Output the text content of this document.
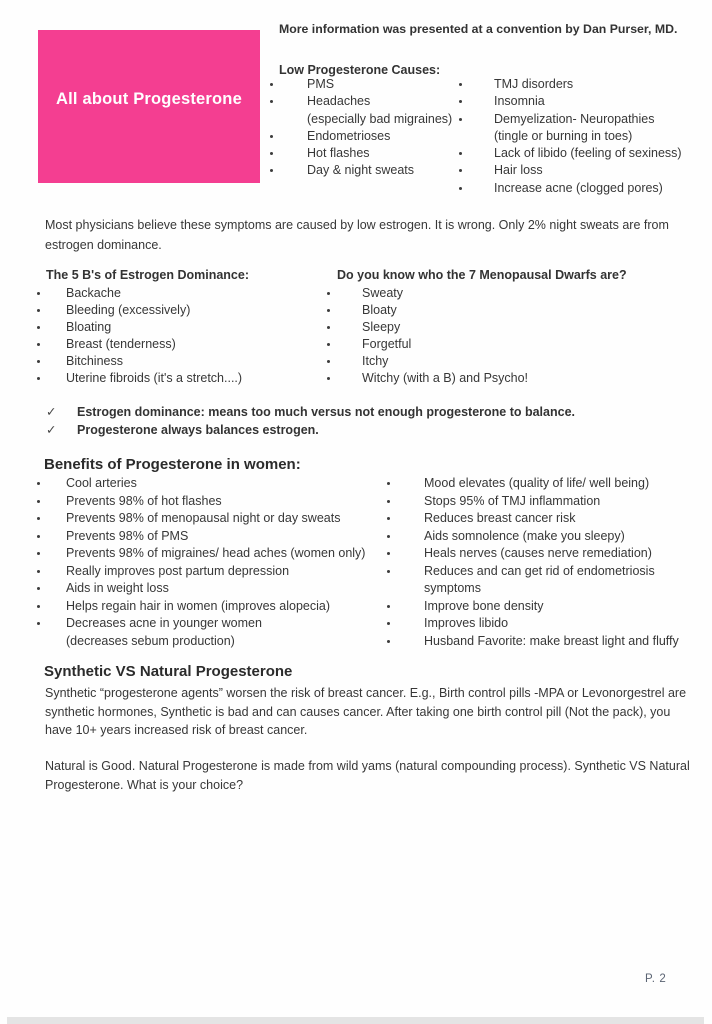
All about Progesterone
More information was presented at a convention by Dan Purser, MD.
Low Progesterone Causes:
PMS
Headaches
(especially bad migraines)
Endometrioses
Hot flashes
Day & night sweats
TMJ disorders
Insomnia
Demyelization- Neuropathies
(tingle or burning in toes)
Lack of libido (feeling of sexiness)
Hair loss
Increase acne (clogged pores)
Most physicians believe these symptoms are caused by low estrogen. It is wrong. Only 2% night sweats are from estrogen dominance.
The 5 B's of Estrogen Dominance:	Do you know who the 7 Menopausal Dwarfs are?
Backache
Bleeding (excessively)
Bloating
Breast (tenderness)
Bitchiness
Uterine fibroids (it's a stretch....)
Sweaty
Bloaty
Sleepy
Forgetful
Itchy
Witchy (with a B) and Psycho!
✓ Estrogen dominance: means too much versus not enough progesterone to balance.
✓ Progesterone always balances estrogen.
Benefits of Progesterone in women:
Cool arteries
Prevents 98% of hot flashes
Prevents 98% of menopausal night or day sweats
Prevents 98% of PMS
Prevents 98% of migraines/ head aches (women only)
Really improves post partum depression
Aids in weight loss
Helps regain hair in women (improves alopecia)
Decreases acne in younger women
(decreases sebum production)
Mood elevates (quality of life/ well being)
Stops 95% of TMJ inflammation
Reduces breast cancer risk
Aids somnolence (make you sleepy)
Heals nerves (causes nerve remediation)
Reduces and can get rid of endometriosis
symptoms
Improve bone density
Improves libido
Husband Favorite: make breast light and fluffy
Synthetic VS Natural Progesterone
Synthetic “progesterone agents” worsen the risk of breast cancer. E.g., Birth control pills -MPA or Levonorgestrel are synthetic hormones, Synthetic is bad and can causes cancer. After taking one birth control pill (Not the pack), you have 10+ years increased risk of breast cancer.
Natural is Good. Natural Progesterone is made from wild yams (natural compounding process). Synthetic VS Natural Progesterone. What is your choice?
P. 2
